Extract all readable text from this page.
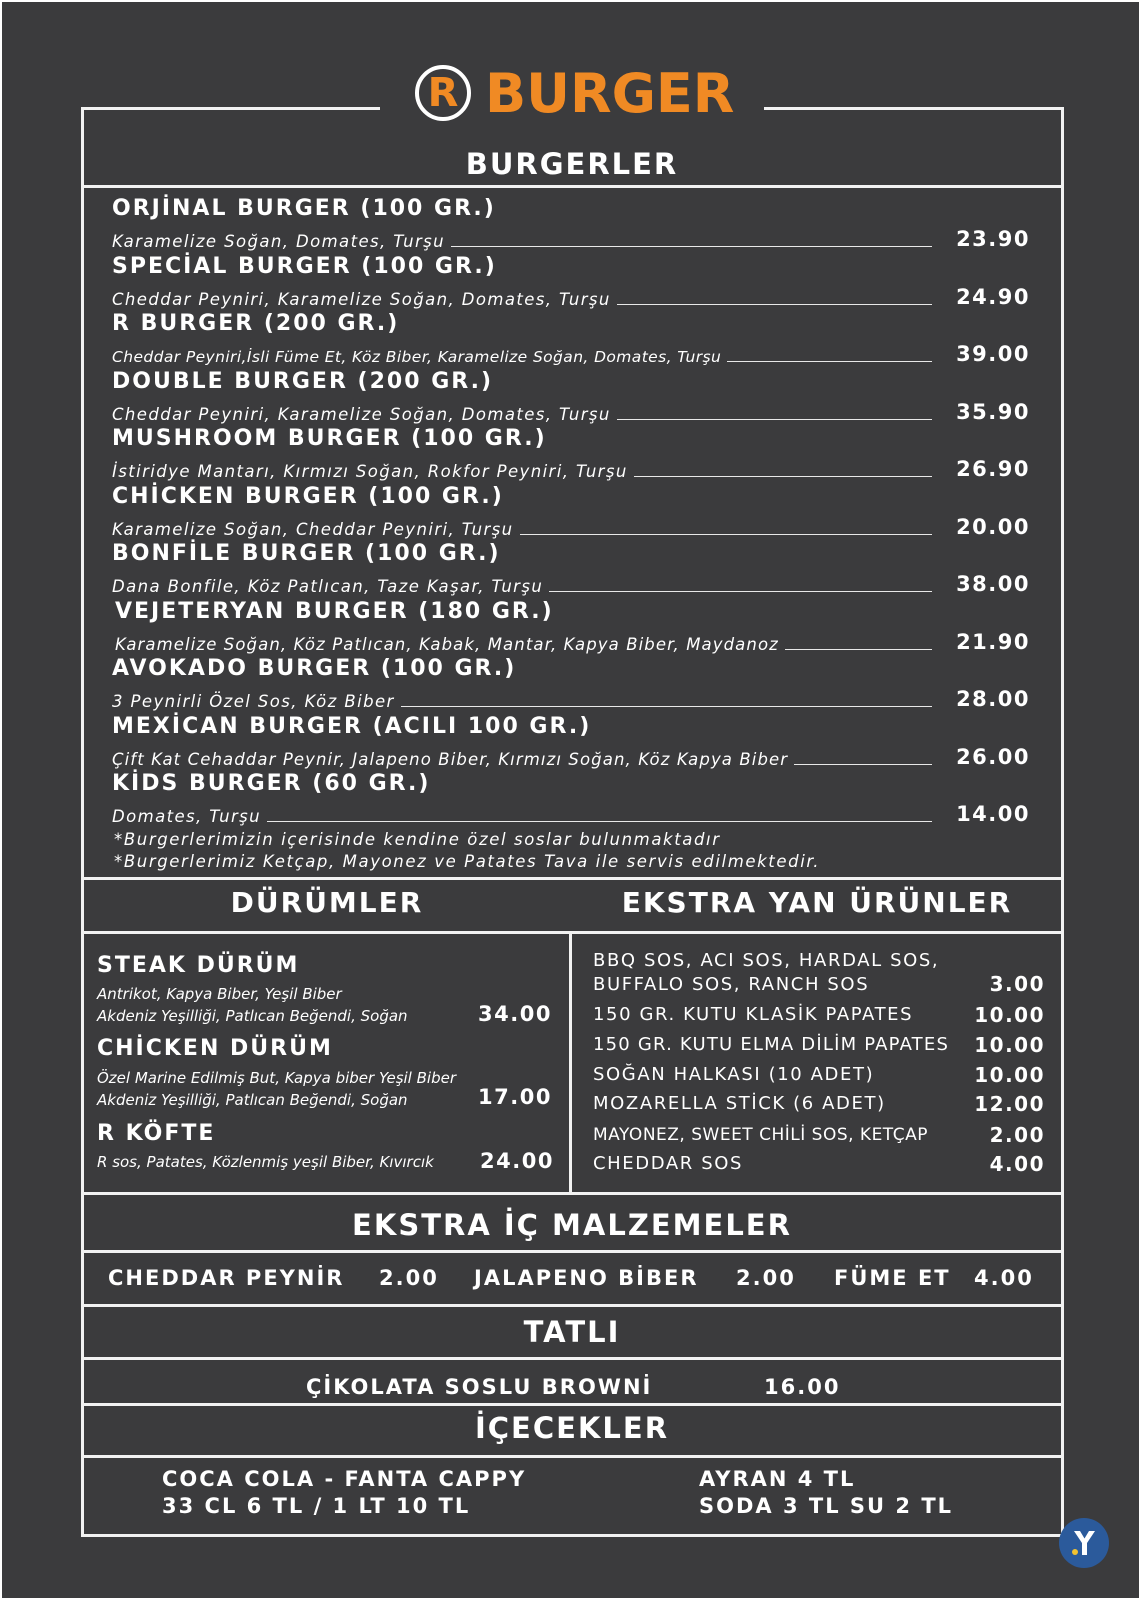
R BURGER
BURGERLER
ORJİNAL BURGER (100 GR.)
Karamelize Soğan, Domates, Turşu	23.90
SPECİAL BURGER (100 GR.)
Cheddar Peyniri, Karamelize Soğan, Domates, Turşu	24.90
R BURGER (200 GR.)
Cheddar Peyniri,İsli Füme Et, Köz Biber, Karamelize Soğan, Domates, Turşu	39.00
DOUBLE BURGER (200 GR.)
Cheddar Peyniri, Karamelize Soğan, Domates, Turşu	35.90
MUSHROOM BURGER (100 GR.)
İstiridye Mantarı, Kırmızı Soğan, Rokfor Peyniri, Turşu	26.90
CHİCKEN BURGER (100 GR.)
Karamelize Soğan, Cheddar Peyniri, Turşu	20.00
BONFİLE BURGER (100 GR.)
Dana Bonfile, Köz Patlıcan, Taze Kaşar, Turşu	38.00
VEJETERYAN BURGER (180 GR.)
Karamelize Soğan, Köz Patlıcan, Kabak, Mantar, Kapya Biber, Maydanoz	21.90
AVOKADO BURGER (100 GR.)
3 Peynirli Özel Sos, Köz Biber	28.00
MEXİCAN BURGER (ACILI 100 GR.)
Çift Kat Cehaddar Peynir, Jalapeno Biber, Kırmızı Soğan, Köz Kapya Biber	26.00
KİDS BURGER (60 GR.)
Domates, Turşu	14.00
*Burgerlerimizin içerisinde kendine özel soslar bulunmaktadır
*Burgerlerimiz Ketçap, Mayonez ve Patates Tava ile servis edilmektedir.
DÜRÜMLER	EKSTRA YAN ÜRÜNLER
STEAK DÜRÜM
Antrikot, Kapya Biber, Yeşil Biber
Akdeniz Yeşilliği, Patlıcan Beğendi, Soğan	34.00
CHİCKEN DÜRÜM
Özel Marine Edilmiş But, Kapya biber Yeşil Biber
Akdeniz Yeşilliği, Patlıcan Beğendi, Soğan	17.00
R KÖFTE
R sos, Patates, Közlenmiş yeşil Biber, Kıvırcık 24.00
BBQ SOS, ACI SOS, HARDAL SOS,
BUFFALO SOS, RANCH SOS	3.00
150 GR. KUTU KLASİK PAPATES	10.00
150 GR. KUTU ELMA DİLİM PAPATES 10.00
SOĞAN HALKASI (10 ADET)	10.00
MOZARELLA STİCK (6 ADET)	12.00
MAYONEZ, SWEET CHİLİ SOS, KETÇAP	2.00
CHEDDAR SOS	4.00
EKSTRA İÇ MALZEMELER
CHEDDAR PEYNİR 2.00 JALAPENO BİBER 2.00 FÜME ET 4.00
TATLI
ÇİKOLATA SOSLU BROWNİ	16.00
İÇECEKLER
COCA COLA - FANTA CAPPY
33 CL 6 TL / 1 LT 10 TL
AYRAN 4 TL
SODA 3 TL SU 2 TL
